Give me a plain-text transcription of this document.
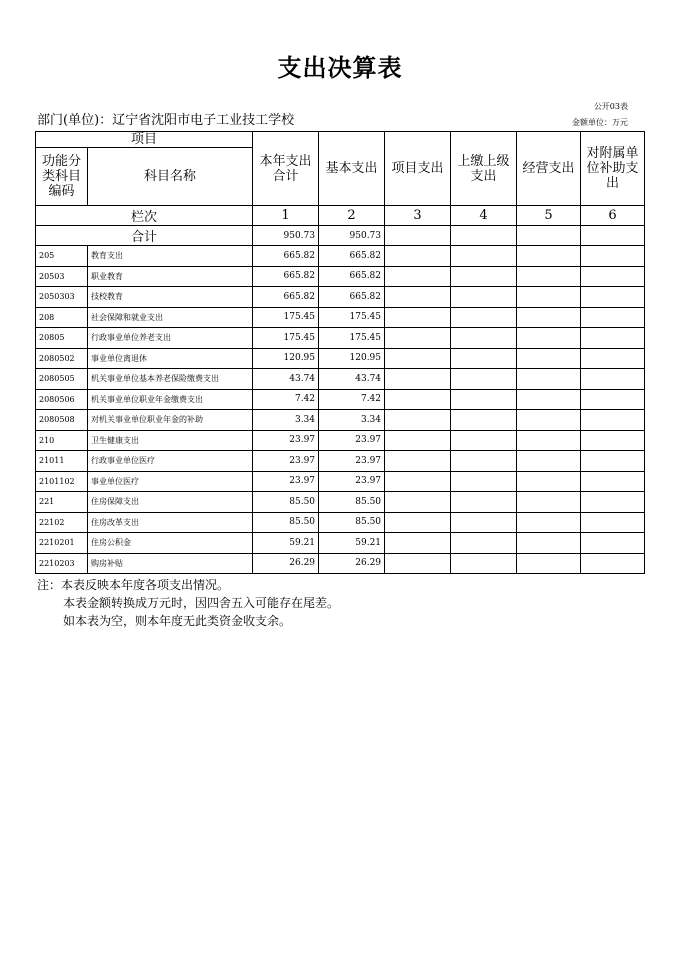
支出决算表
公开03表
金额单位：万元
部门(单位)：辽宁省沈阳市电子工业技工学校
项目		本年支出合计	基本支出	项目支出	上缴上级支出	经营支出	对附属单位补助支出
功能分类科目编码	科目名称						
栏次		1	2	3	4	5	6
合计		950.73	950.73				
205	教育支出	665.82	665.82				
20503	职业教育	665.82	665.82				
2050303	技校教育	665.82	665.82				
208	社会保障和就业支出	175.45	175.45				
20805	行政事业单位养老支出	175.45	175.45				
2080502	事业单位离退休	120.95	120.95				
2080505	机关事业单位基本养老保险缴费支出	43.74	43.74				
2080506	机关事业单位职业年金缴费支出	7.42	7.42				
2080508	对机关事业单位职业年金的补助	3.34	3.34				
210	卫生健康支出	23.97	23.97				
21011	行政事业单位医疗	23.97	23.97				
2101102	事业单位医疗	23.97	23.97				
221	住房保障支出	85.50	85.50				
22102	住房改革支出	85.50	85.50				
2210201	住房公积金	59.21	59.21				
2210203	购房补贴	26.29	26.29				
注：本表反映本年度各项支出情况。
本表金额转换成万元时，因四舍五入可能存在尾差。
如本表为空，则本年度无此类资金收支余。
